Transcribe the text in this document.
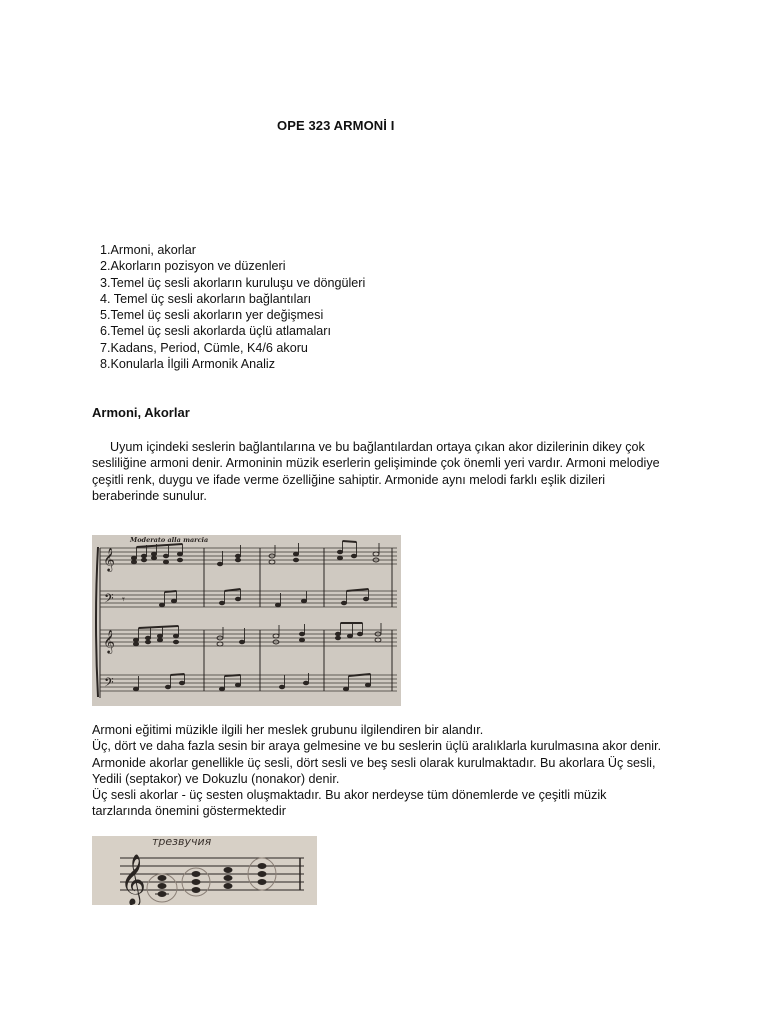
OPE 323 ARMONİ I
1.Armoni, akorlar
2.Akorların pozisyon ve düzenleri
3.Temel üç sesli akorların kuruluşu ve döngüleri
4. Temel üç sesli akorların bağlantıları
5.Temel üç sesli akorların yer değişmesi
6.Temel üç sesli akorlarda üçlü atlamaları
7.Kadans, Period, Cümle, K4/6 akoru
8.Konularla İlgili Armonik Analiz
Armoni, Akorlar
Uyum içindeki seslerin bağlantılarına ve bu bağlantılardan ortaya çıkan akor dizilerinin dikey çok sesliliğine armoni denir. Armoninin müzik eserlerin gelişiminde çok önemli yeri vardır. Armoni melodiye çeşitli renk, duygu ve ifade verme özelliğine sahiptir. Armonide aynı melodi farklı eşlik dizileri beraberinde sunulur.
Moderato alla marcia
𝄞
𝄢
𝄞
𝄢
𝄾
Armoni eğitimi müzikle ilgili her meslek grubunu ilgilendiren bir alandır.
Üç, dört ve daha fazla sesin bir araya gelmesine ve bu seslerin üçlü aralıklarla kurulmasına akor denir.
Armonide akorlar genellikle üç sesli, dört sesli ve beş sesli olarak kurulmaktadır. Bu akorlara Üç sesli,
Yedili (septakor) ve Dokuzlu (nonakor) denir.
Üç sesli akorlar - üç sesten oluşmaktadır. Bu akor nerdeyse tüm dönemlerde ve çeşitli müzik
tarzlarında önemini göstermektedir
трезвучия
𝄞
